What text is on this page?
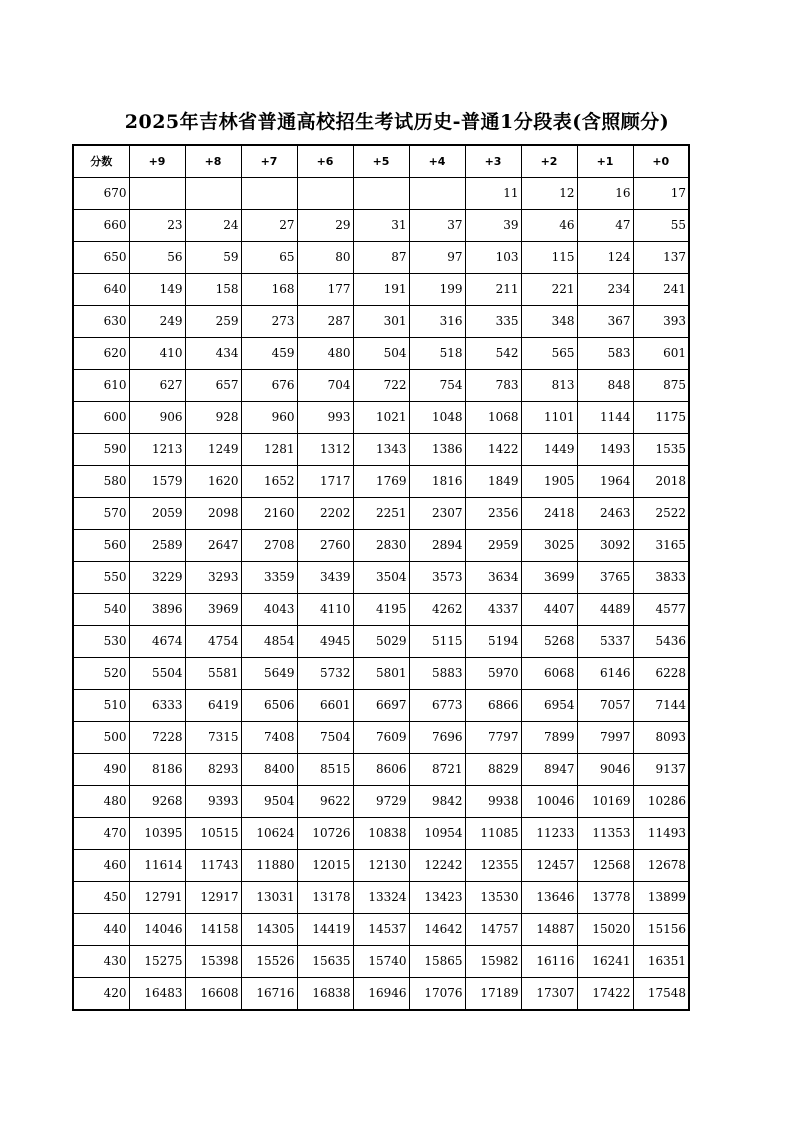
2025年吉林省普通高校招生考试历史-普通1分段表(含照顾分)
分数	+9	+8	+7	+6	+5	+4	+3	+2	+1	+0
670							11	12	16	17
660	23	24	27	29	31	37	39	46	47	55
650	56	59	65	80	87	97	103	115	124	137
640	149	158	168	177	191	199	211	221	234	241
630	249	259	273	287	301	316	335	348	367	393
620	410	434	459	480	504	518	542	565	583	601
610	627	657	676	704	722	754	783	813	848	875
600	906	928	960	993	1021	1048	1068	1101	1144	1175
590	1213	1249	1281	1312	1343	1386	1422	1449	1493	1535
580	1579	1620	1652	1717	1769	1816	1849	1905	1964	2018
570	2059	2098	2160	2202	2251	2307	2356	2418	2463	2522
560	2589	2647	2708	2760	2830	2894	2959	3025	3092	3165
550	3229	3293	3359	3439	3504	3573	3634	3699	3765	3833
540	3896	3969	4043	4110	4195	4262	4337	4407	4489	4577
530	4674	4754	4854	4945	5029	5115	5194	5268	5337	5436
520	5504	5581	5649	5732	5801	5883	5970	6068	6146	6228
510	6333	6419	6506	6601	6697	6773	6866	6954	7057	7144
500	7228	7315	7408	7504	7609	7696	7797	7899	7997	8093
490	8186	8293	8400	8515	8606	8721	8829	8947	9046	9137
480	9268	9393	9504	9622	9729	9842	9938	10046	10169	10286
470	10395	10515	10624	10726	10838	10954	11085	11233	11353	11493
460	11614	11743	11880	12015	12130	12242	12355	12457	12568	12678
450	12791	12917	13031	13178	13324	13423	13530	13646	13778	13899
440	14046	14158	14305	14419	14537	14642	14757	14887	15020	15156
430	15275	15398	15526	15635	15740	15865	15982	16116	16241	16351
420	16483	16608	16716	16838	16946	17076	17189	17307	17422	17548
